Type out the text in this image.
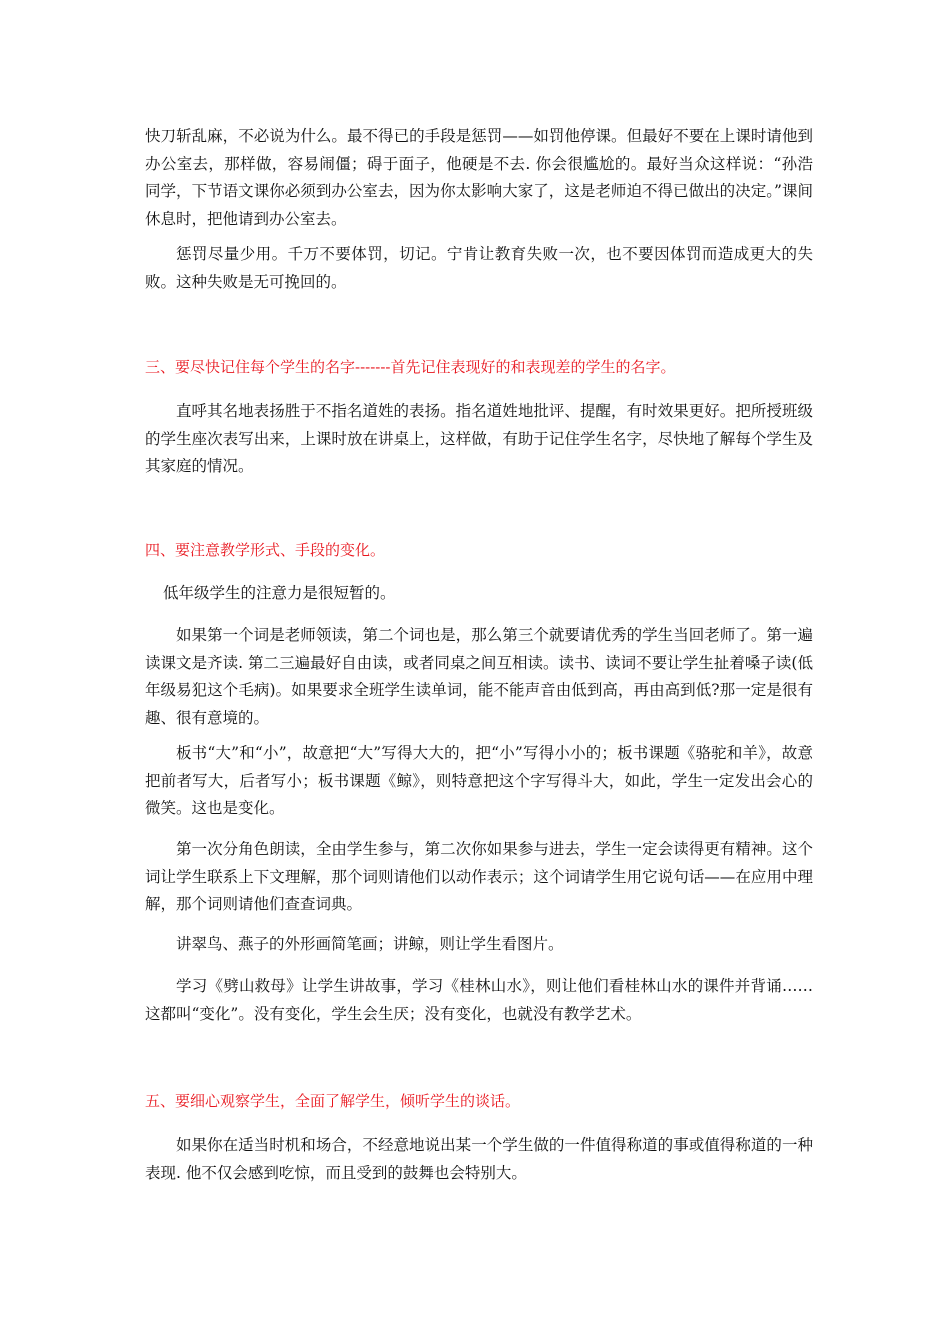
快刀斩乱麻，不必说为什么。最不得已的手段是惩罚——如罚他停课。但最好不要在上课时请他到办公室去，那样做，容易闹僵；碍于面子，他硬是不去. 你会很尴尬的。最好当众这样说：“孙浩同学，下节语文课你必须到办公室去，因为你太影响大家了，这是老师迫不得已做出的决定。”课间休息时，把他请到办公室去。

惩罚尽量少用。千万不要体罚，切记。宁肯让教育失败一次，也不要因体罚而造成更大的失败。这种失败是无可挽回的。

三、要尽快记住每个学生的名字-------首先记住表现好的和表现差的学生的名字。

直呼其名地表扬胜于不指名道姓的表扬。指名道姓地批评、提醒，有时效果更好。把所授班级的学生座次表写出来，上课时放在讲桌上，这样做，有助于记住学生名字，尽快地了解每个学生及其家庭的情况。

四、要注意教学形式、手段的变化。

低年级学生的注意力是很短暂的。

如果第一个词是老师领读，第二个词也是，那么第三个就要请优秀的学生当回老师了。第一遍读课文是齐读. 第二三遍最好自由读，或者同桌之间互相读。读书、读词不要让学生扯着嗓子读(低年级易犯这个毛病)。如果要求全班学生读单词，能不能声音由低到高，再由高到低?那一定是很有趣、很有意境的。

板书“大”和“小”，故意把“大”写得大大的，把“小”写得小小的；板书课题《骆驼和羊》，故意把前者写大，后者写小；板书课题《鲸》，则特意把这个字写得斗大，如此，学生一定发出会心的微笑。这也是变化。

第一次分角色朗读，全由学生参与，第二次你如果参与进去，学生一定会读得更有精神。这个词让学生联系上下文理解，那个词则请他们以动作表示；这个词请学生用它说句话——在应用中理解，那个词则请他们查查词典。

讲翠鸟、燕子的外形画简笔画；讲鲸，则让学生看图片。

学习《劈山救母》让学生讲故事，学习《桂林山水》，则让他们看桂林山水的课件并背诵……这都叫“变化”。没有变化，学生会生厌；没有变化，也就没有教学艺术。

五、要细心观察学生，全面了解学生，倾听学生的谈话。

如果你在适当时机和场合，不经意地说出某一个学生做的一件值得称道的事或值得称道的一种表现. 他不仅会感到吃惊，而且受到的鼓舞也会特别大。
